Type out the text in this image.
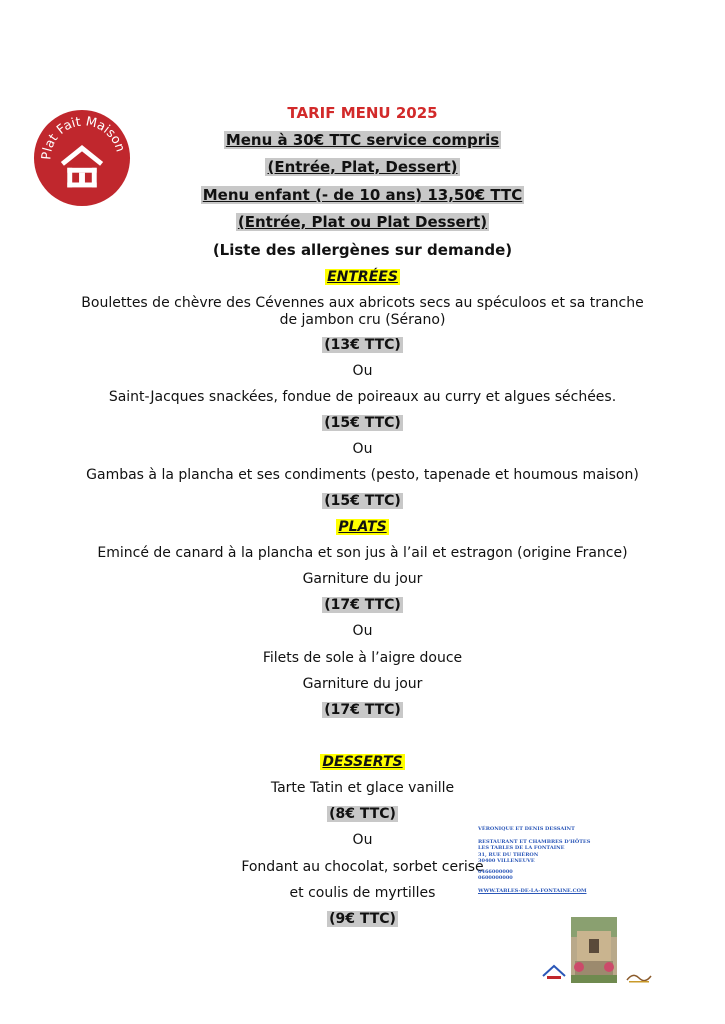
Plat Fait Maison
TARIF MENU 2025
Menu à 30€ TTC service compris
(Entrée, Plat, Dessert)
Menu enfant (- de 10 ans) 13,50€ TTC
(Entrée, Plat ou Plat Dessert)
(Liste des allergènes sur demande)
ENTRÉES
Boulettes de chèvre des Cévennes aux abricots secs au spéculoos et sa tranche
de jambon cru (Sérano)
(13€ TTC)
Ou
Saint-Jacques snackées, fondue de poireaux au curry et algues séchées.
(15€ TTC)
Ou
Gambas à la plancha et ses condiments (pesto, tapenade et houmous maison)
(15€ TTC)
PLATS
Emincé de canard à la plancha et son jus à l’ail et estragon (origine France)
Garniture du jour
(17€ TTC)
Ou
Filets de sole à l’aigre douce
Garniture du jour
(17€ TTC)
DESSERTS
Tarte Tatin et glace vanille
(8€ TTC)
Ou
Fondant au chocolat, sorbet cerise
et coulis de myrtilles
(9€ TTC)
VÉRONIQUE ET DENIS DESSAINT
RESTAURANT ET CHAMBRES D'HÔTES
LES TABLES DE LA FONTAINE
31, RUE DU THÉRON
30400 VILLENEUVE
0466000000
0600000000
WWW.TABLES-DE-LA-FONTAINE.COM
